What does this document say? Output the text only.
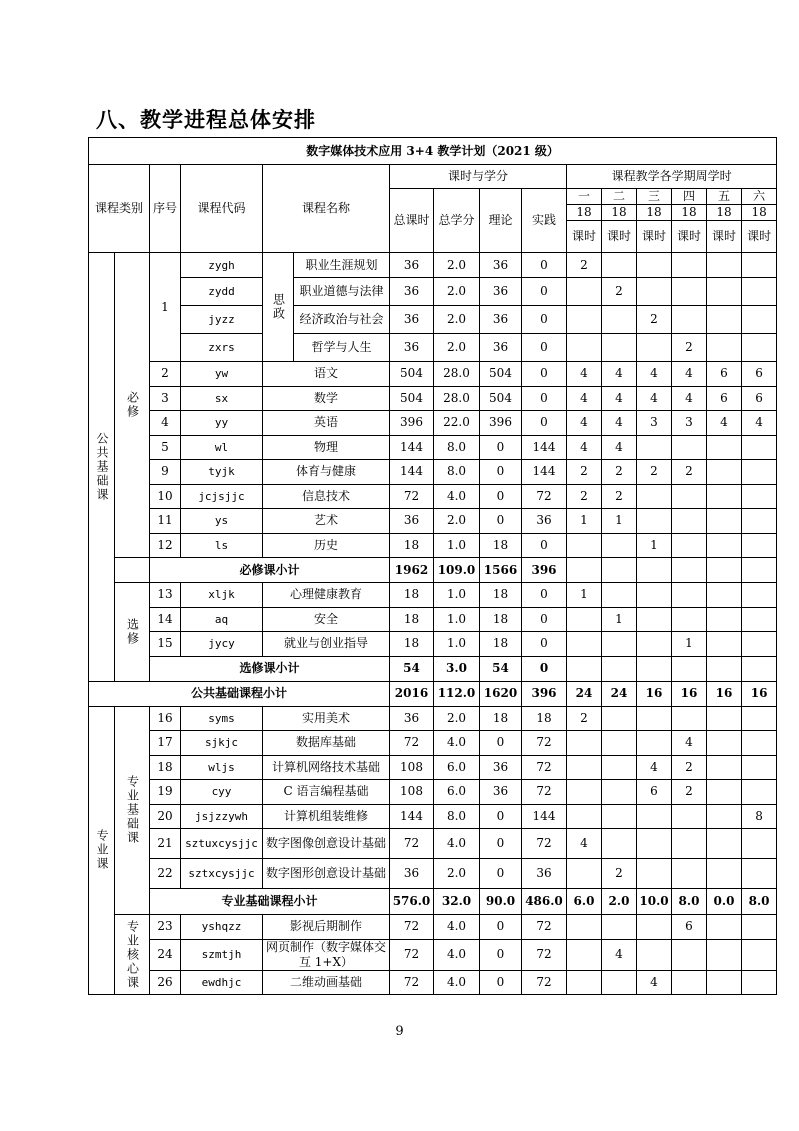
八、教学进程总体安排
数字媒体技术应用 3+4 教学计划（2021 级）															
课程类别		序号	课程代码	课程名称		课时与学分				课程教学各学期周学时					
						总课时	总学分	理论	实践	一	二	三	四	五	六
										18	18	18	18	18	18
										课时	课时	课时	课时	课时	课时
公共基础课	必修	1	zygh	思政	职业生涯规划	36	2.0	36	0	2					
			zydd		职业道德与法律	36	2.0	36	0		2				
			jyzz		经济政治与社会	36	2.0	36	0			2			
			zxrs		哲学与人生	36	2.0	36	0				2		
		2	yw	语文		504	28.0	504	0	4	4	4	4	6	6
		3	sx	数学		504	28.0	504	0	4	4	4	4	6	6
		4	yy	英语		396	22.0	396	0	4	4	3	3	4	4
		5	wl	物理		144	8.0	0	144	4	4				
		9	tyjk	体育与健康		144	8.0	0	144	2	2	2	2		
		10	jcjsjjc	信息技术		72	4.0	0	72	2	2				
		11	ys	艺术		36	2.0	0	36	1	1				
		12	ls	历史		18	1.0	18	0			1			
		必修课小计				1962	109.0	1566	396						
	选修	13	xljk	心理健康教育		18	1.0	18	0	1					
		14	aq	安全		18	1.0	18	0		1				
		15	jycy	就业与创业指导		18	1.0	18	0				1		
		选修课小计				54	3.0	54	0						
公共基础课程小计						2016	112.0	1620	396	24	24	16	16	16	16
专业课	专业基础课	16	syms	实用美术		36	2.0	18	18	2					
		17	sjkjc	数据库基础		72	4.0	0	72				4		
		18	wljs	计算机网络技术基础		108	6.0	36	72			4	2		
		19	cyy	C 语言编程基础		108	6.0	36	72			6	2		
		20	jsjzzywh	计算机组装维修		144	8.0	0	144						8
		21	sztuxcysjjc	数字图像创意设计基础		72	4.0	0	72	4					
		22	sztxcysjjc	数字图形创意设计基础		36	2.0	0	36		2				
		专业基础课程小计				576.0	32.0	90.0	486.0	6.0	2.0	10.0	8.0	0.0	8.0
	专业核心课	23	yshqzz	影视后期制作		72	4.0	0	72				6		
		24	szmtjh	网页制作（数字媒体交互 1+X）		72	4.0	0	72		4				
		26	ewdhjc	二维动画基础		72	4.0	0	72			4			
9
